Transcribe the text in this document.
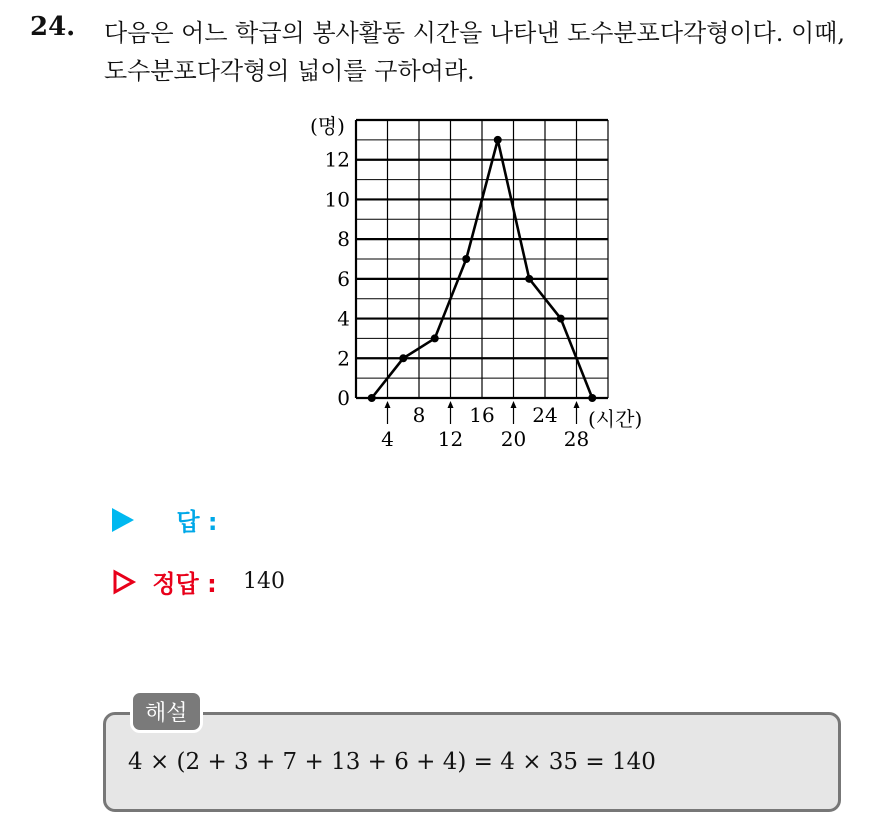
24. 다음은 어느 학급의 봉사활동 시간을 나타낸 도수분포다각형이다. 이때, 도수분포다각형의 넓이를 구하여라.
0
2
4
6
8
10
12
(명)
8 16 24
4 12 20 28
(시간)
답 :
정답 : 140
해설
4 × (2 + 3 + 7 + 13 + 6 + 4) = 4 × 35 = 140
